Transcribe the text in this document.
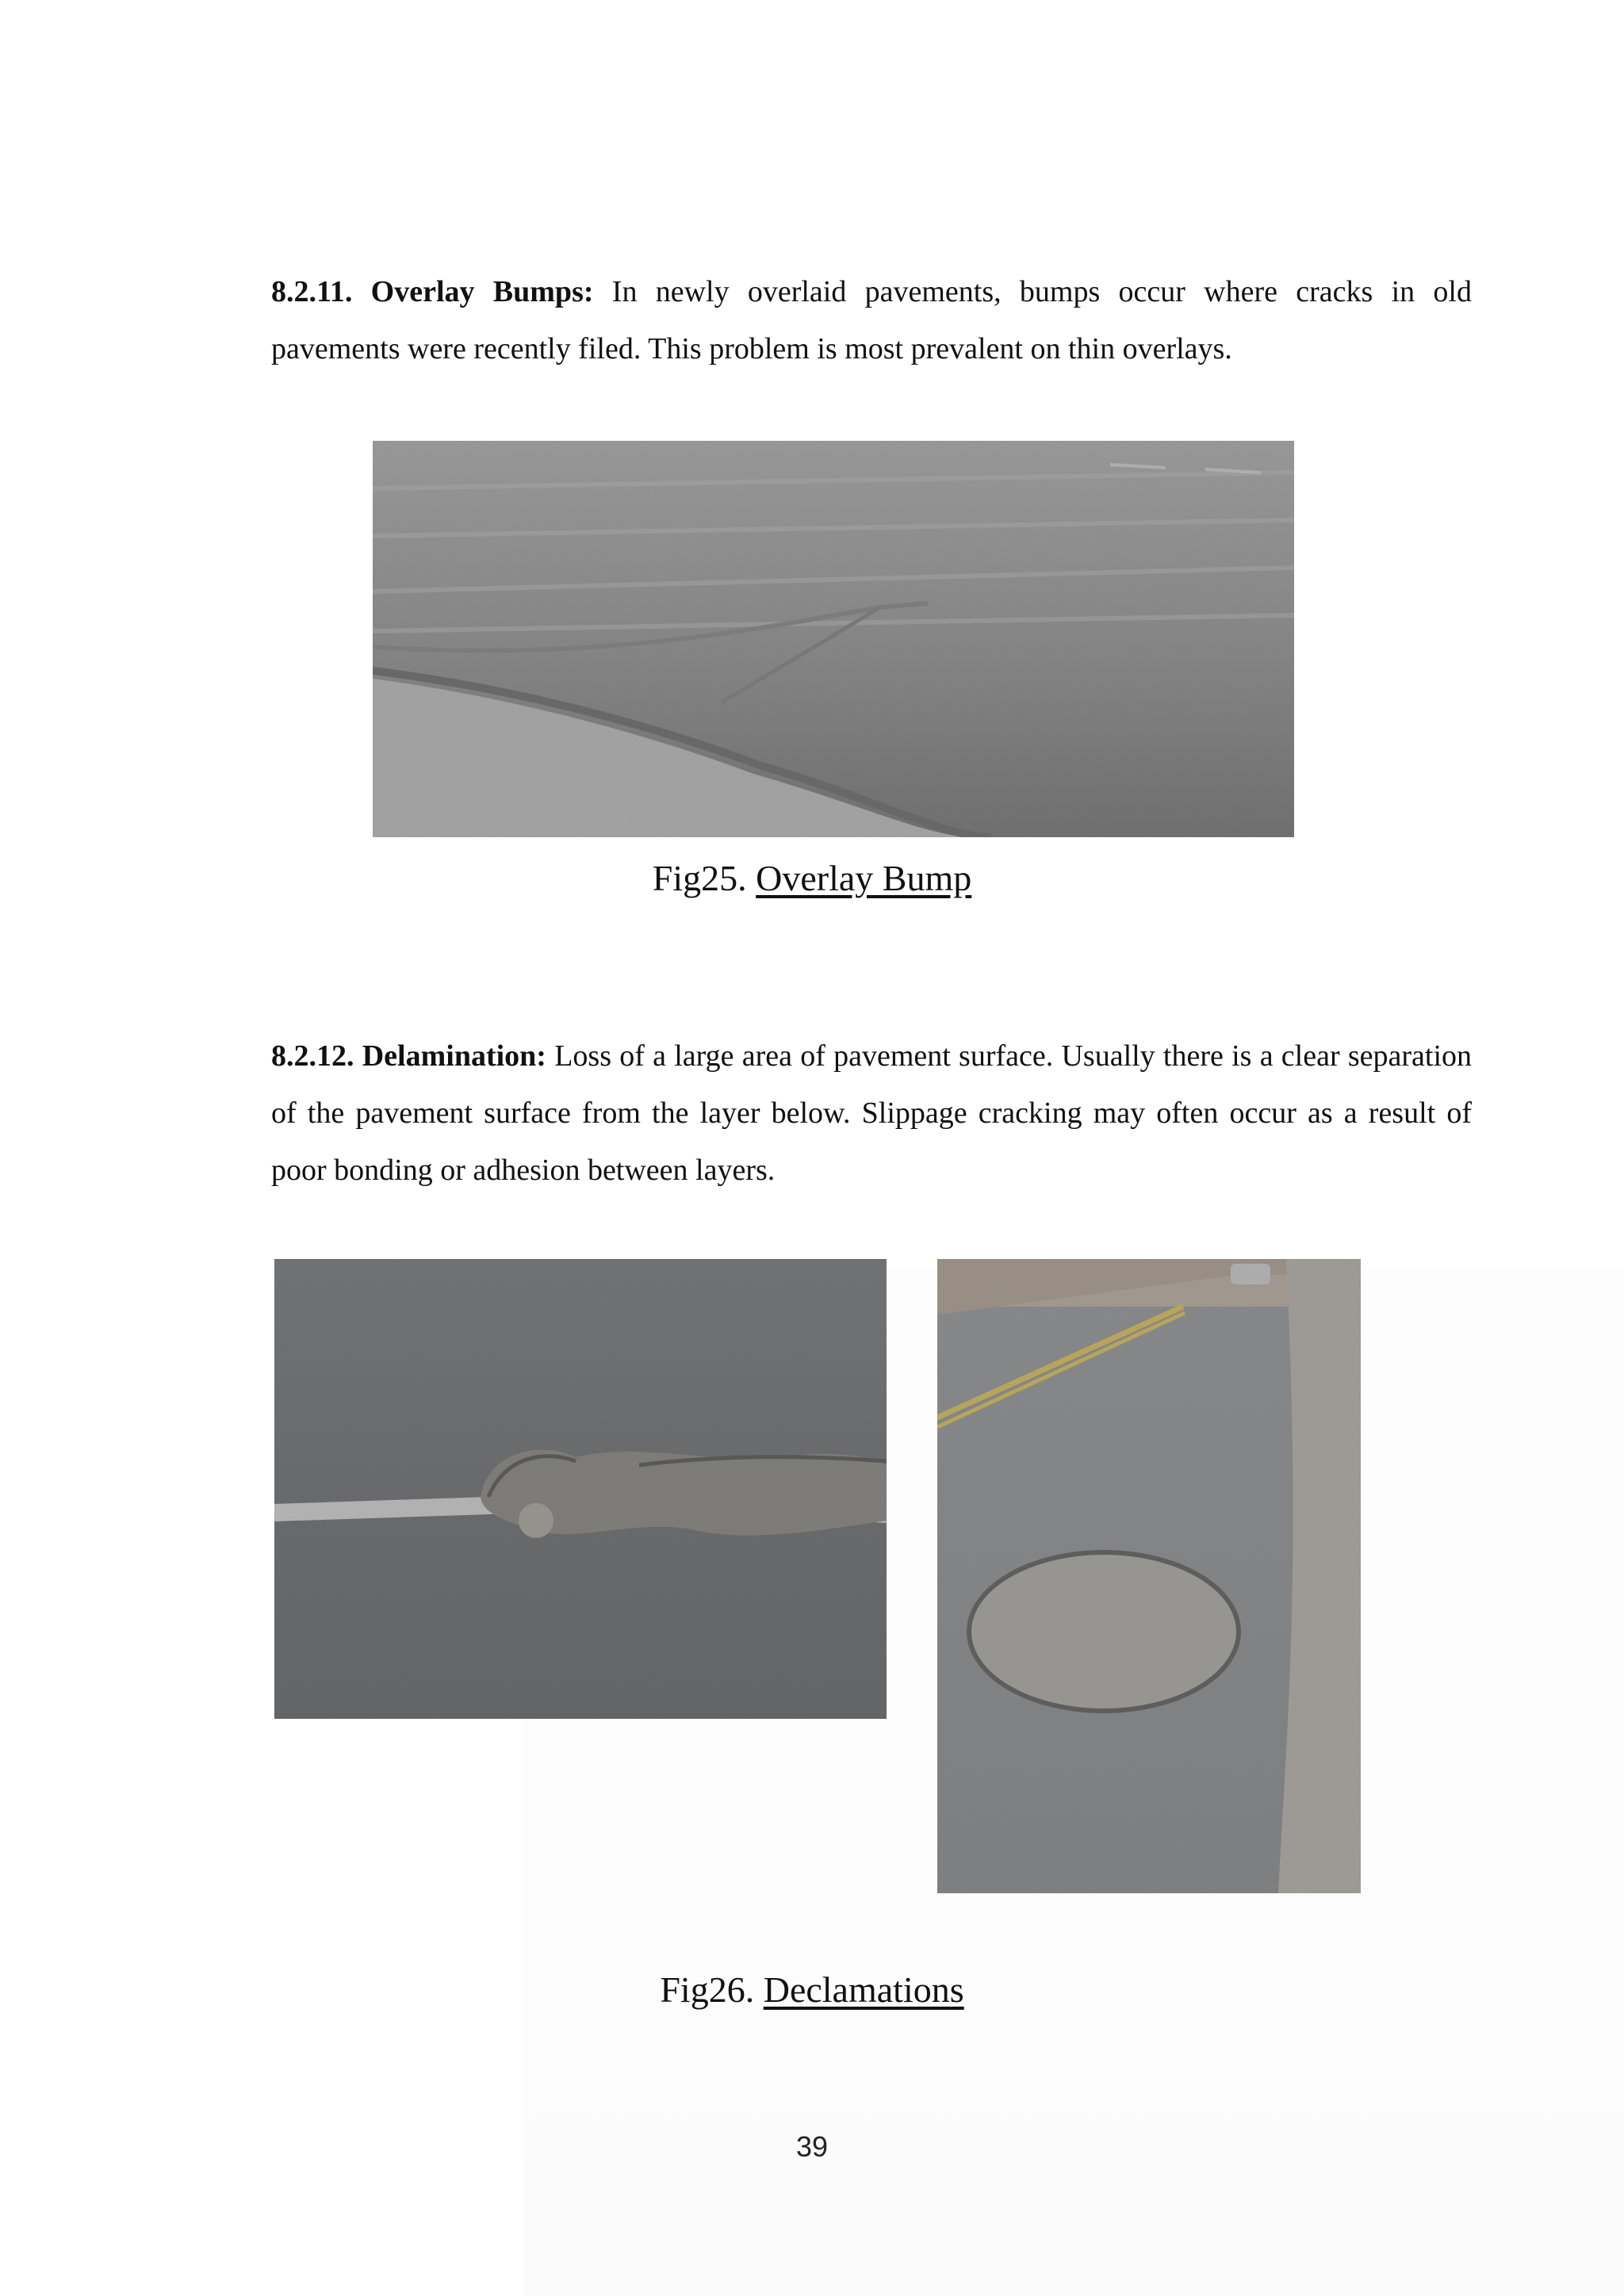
8.2.11. Overlay Bumps: In newly overlaid pavements, bumps occur where cracks in old pavements were recently filed. This problem is most prevalent on thin overlays.

Fig25. Overlay Bump

8.2.12. Delamination: Loss of a large area of pavement surface. Usually there is a clear separation of the pavement surface from the layer below. Slippage cracking may often occur as a result of poor bonding or adhesion between layers.

Fig26. Declamations

39
